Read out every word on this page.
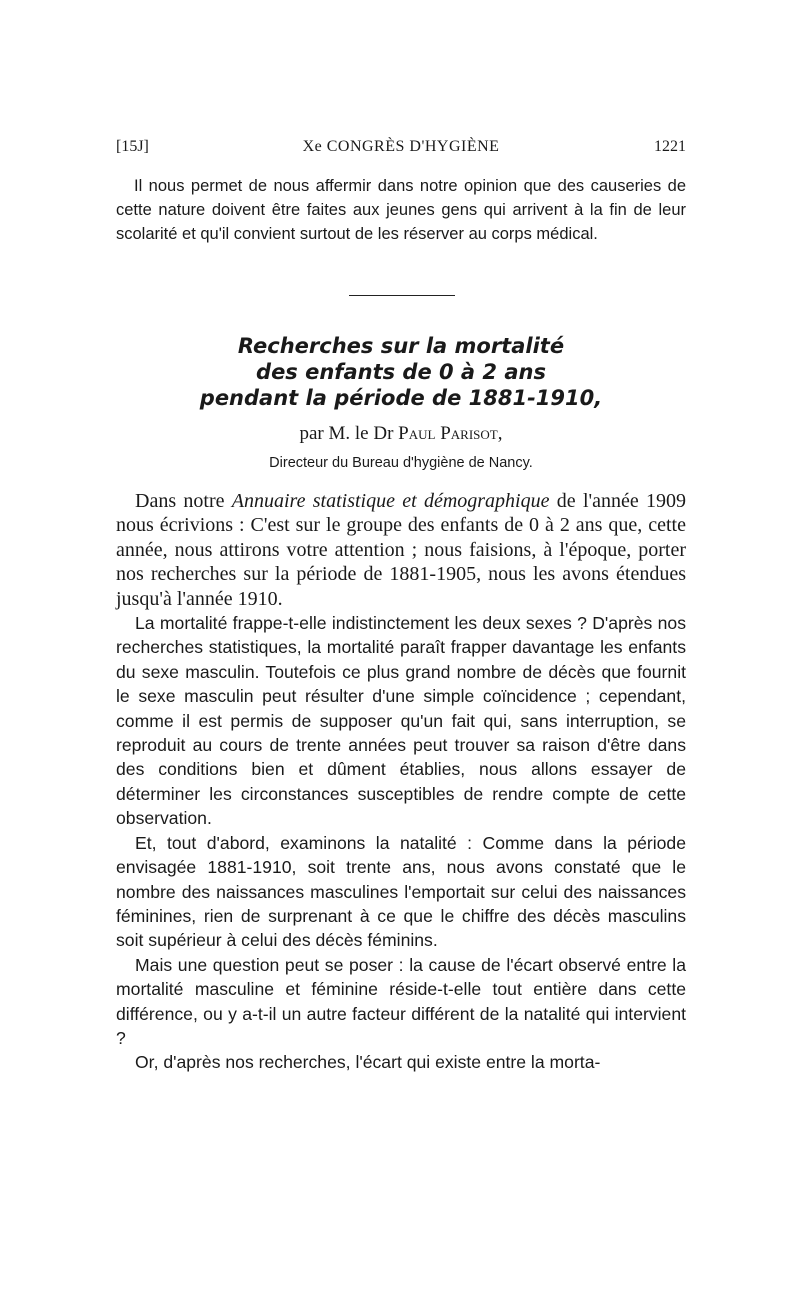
[15J]	Xe CONGRÈS D'HYGIÈNE	1221

Il nous permet de nous affermir dans notre opinion que des causeries de cette nature doivent être faites aux jeunes gens qui arrivent à la fin de leur scolarité et qu'il convient surtout de les réserver au corps médical.

Recherches sur la mortalité
des enfants de 0 à 2 ans
pendant la période de 1881-1910,
par M. le Dr Paul Parisot,
Directeur du Bureau d'hygiène de Nancy.

Dans notre Annuaire statistique et démographique de l'année 1909 nous écrivions : C'est sur le groupe des enfants de 0 à 2 ans que, cette année, nous attirons votre attention ; nous faisions, à l'époque, porter nos recherches sur la période de 1881-1905, nous les avons étendues jusqu'à l'année 1910.

La mortalité frappe-t-elle indistinctement les deux sexes ? D'après nos recherches statistiques, la mortalité paraît frapper davantage les enfants du sexe masculin. Toutefois ce plus grand nombre de décès que fournit le sexe masculin peut résulter d'une simple coïncidence ; cependant, comme il est permis de supposer qu'un fait qui, sans interruption, se reproduit au cours de trente années peut trouver sa raison d'être dans des conditions bien et dûment établies, nous allons essayer de déterminer les circonstances susceptibles de rendre compte de cette observation.

Et, tout d'abord, examinons la natalité : Comme dans la période envisagée 1881-1910, soit trente ans, nous avons constaté que le nombre des naissances masculines l'emportait sur celui des naissances féminines, rien de surprenant à ce que le chiffre des décès masculins soit supérieur à celui des décès féminins.

Mais une question peut se poser : la cause de l'écart observé entre la mortalité masculine et féminine réside-t-elle tout entière dans cette différence, ou y a-t-il un autre facteur différent de la natalité qui intervient ?

Or, d'après nos recherches, l'écart qui existe entre la morta-
